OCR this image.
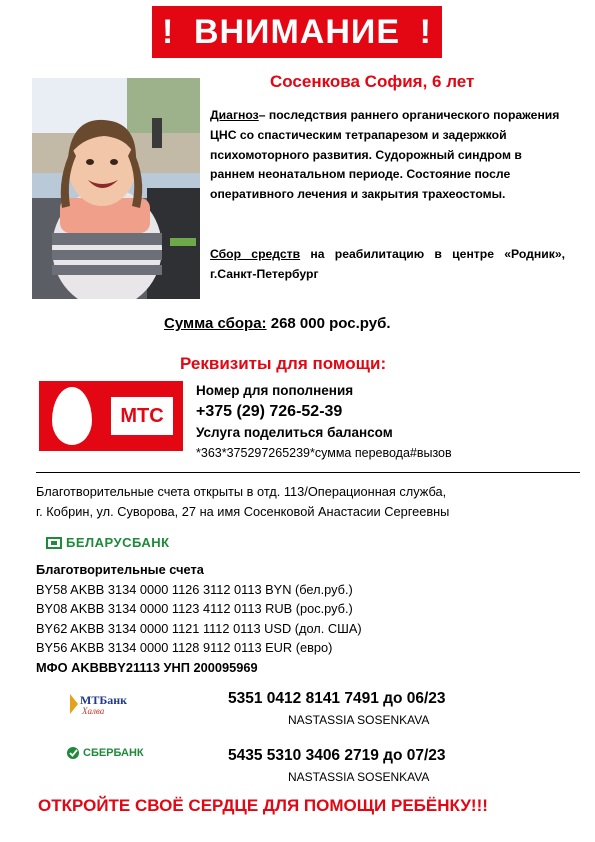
! ВНИМАНИЕ !
Сосенкова София, 6 лет
Диагноз– последствия раннего органического поражения ЦНС со спастическим тетрапарезом и задержкой психомоторного развития. Судорожный синдром в раннем неонатальном периоде. Состояние после оперативного лечения и закрытия трахеостомы.
Сбор средств на реабилитацию в центре «Родник», г.Санкт-Петербург
Сумма сбора: 268 000 рос.руб.
Реквизиты для помощи:
МТС
Номер для пополнения
+375 (29) 726-52-39
Услуга поделиться балансом
*363*375297265239*сумма перевода#вызов
Благотворительные счета открыты в отд. 113/Операционная служба,
г. Кобрин, ул. Суворова, 27 на имя Сосенковой Анастасии Сергеевны
БЕЛАРУСБАНК
Благотворительные счета
BY58 AKBB 3134 0000 1126 3112 0113 BYN (бел.руб.)
BY08 AKBB 3134 0000 1123 4112 0113 RUB (рос.руб.)
BY62 AKBB 3134 0000 1121 1112 0113 USD (дол. США)
BY56 AKBB 3134 0000 1128 9112 0113 EUR (евро)
МФО AKBBBY21113 УНП 200095969
МТБанк
Халва
5351 0412 8141 7491 до 06/23
NASTASSIA SOSENKAVA
СБЕРБАНК	5435 5310 3406 2719 до 07/23
NASTASSIA SOSENKAVA
ОТКРОЙТЕ СВОЁ СЕРДЦЕ ДЛЯ ПОМОЩИ РЕБЁНКУ!!!
